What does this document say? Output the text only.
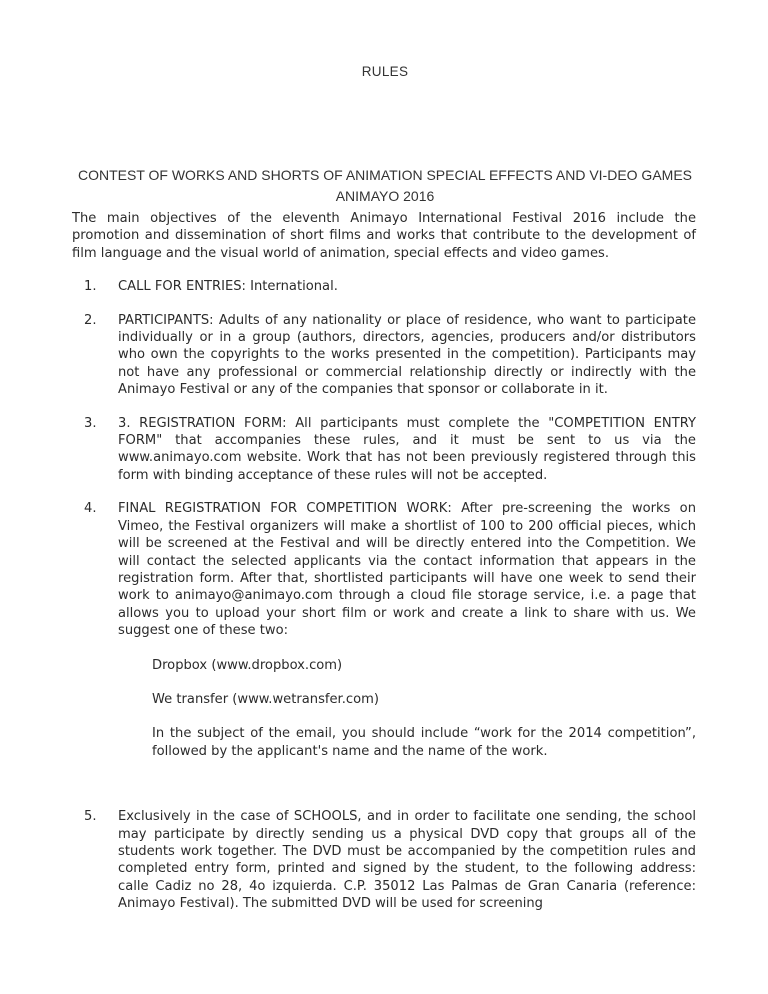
RULES
CONTEST OF WORKS AND SHORTS OF ANIMATION SPECIAL EFFECTS AND VI-DEO GAMES ANIMAYO 2016

The main objectives of the eleventh Animayo International Festival 2016 include the promotion and dissemination of short films and works that contribute to the development of film language and the visual world of animation, special effects and video games.

1.	CALL FOR ENTRIES: International.
2.	PARTICIPANTS: Adults of any nationality or place of residence, who want to participate individually or in a group (authors, directors, agencies, producers and/or distributors who own the copyrights to the works presented in the competition). Participants may not have any professional or commercial relationship directly or indirectly with the Animayo Festival or any of the companies that sponsor or collaborate in it.
3.	3. REGISTRATION FORM: All participants must complete the "COMPETITION ENTRY FORM" that accompanies these rules, and it must be sent to us via the www.animayo.com website. Work that has not been previously registered through this form with binding acceptance of these rules will not be accepted.
4.	FINAL REGISTRATION FOR COMPETITION WORK: After pre-screening the works on Vimeo, the Festival organizers will make a shortlist of 100 to 200 official pieces, which will be screened at the Festival and will be directly entered into the Competition. We will contact the selected applicants via the contact information that appears in the registration form. After that, shortlisted participants will have one week to send their work to animayo@animayo.com through a cloud file storage service, i.e. a page that allows you to upload your short film or work and create a link to share with us. We suggest one of these two:
Dropbox (www.dropbox.com)
We transfer (www.wetransfer.com)

In the subject of the email, you should include “work for the 2014 competition”, followed by the applicant's name and the name of the work.

5.	Exclusively in the case of SCHOOLS, and in order to facilitate one sending, the school may participate by directly sending us a physical DVD copy that groups all of the students work together. The DVD must be accompanied by the competition rules and completed entry form, printed and signed by the student, to the following address: calle Cadiz no 28, 4o izquierda. C.P. 35012 Las Palmas de Gran Canaria (reference: Animayo Festival). The submitted DVD will be used for screening
